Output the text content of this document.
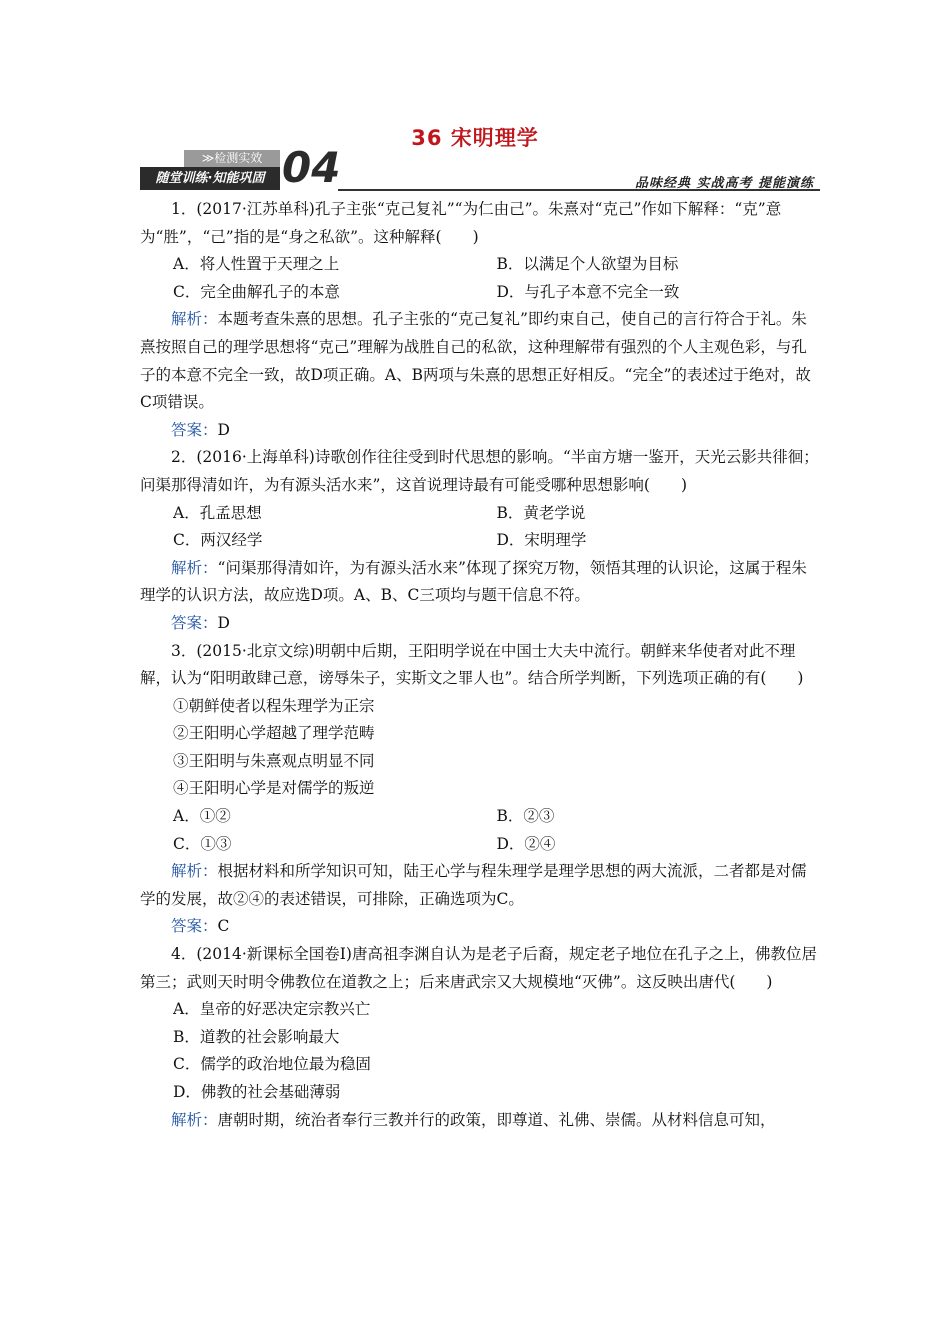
36 宋明理学
≫检测实效
随堂训练·知能巩固 04	品味经典 实战高考 提能演练

1．(2017·江苏单科)孔子主张“克己复礼”“为仁由己”。朱熹对“克己”作如下解释：“克”意为“胜”，“己”指的是“身之私欲”。这种解释(　　)

A．将人性置于天理之上	B．以满足个人欲望为目标
C．完全曲解孔子的本意	D．与孔子本意不完全一致

解析：本题考查朱熹的思想。孔子主张的“克己复礼”即约束自己，使自己的言行符合于礼。朱熹按照自己的理学思想将“克己”理解为战胜自己的私欲，这种理解带有强烈的个人主观色彩，与孔子的本意不完全一致，故D项正确。A、B两项与朱熹的思想正好相反。“完全”的表述过于绝对，故C项错误。

答案：D

2．(2016·上海单科)诗歌创作往往受到时代思想的影响。“半亩方塘一鉴开，天光云影共徘徊；问渠那得清如许，为有源头活水来”，这首说理诗最有可能受哪种思想影响(　　)

A．孔孟思想	B．黄老学说
C．两汉经学	D．宋明理学

解析：“问渠那得清如许，为有源头活水来”体现了探究万物，领悟其理的认识论，这属于程朱理学的认识方法，故应选D项。A、B、C三项均与题干信息不符。

答案：D

3．(2015·北京文综)明朝中后期，王阳明学说在中国士大夫中流行。朝鲜来华使者对此不理解，认为“阳明敢肆己意，谤辱朱子，实斯文之罪人也”。结合所学判断，下列选项正确的有(　　)

①朝鲜使者以程朱理学为正宗
②王阳明心学超越了理学范畴
③王阳明与朱熹观点明显不同
④王阳明心学是对儒学的叛逆
A．①②	B．②③
C．①③	D．②④

解析：根据材料和所学知识可知，陆王心学与程朱理学是理学思想的两大流派，二者都是对儒学的发展，故②④的表述错误，可排除，正确选项为C。

答案：C

4．(2014·新课标全国卷Ⅰ)唐高祖李渊自认为是老子后裔，规定老子地位在孔子之上，佛教位居第三；武则天时明令佛教位在道教之上；后来唐武宗又大规模地“灭佛”。这反映出唐代(　　)

A．皇帝的好恶决定宗教兴亡
B．道教的社会影响最大
C．儒学的政治地位最为稳固
D．佛教的社会基础薄弱

解析：唐朝时期，统治者奉行三教并行的政策，即尊道、礼佛、崇儒。从材料信息可知，
